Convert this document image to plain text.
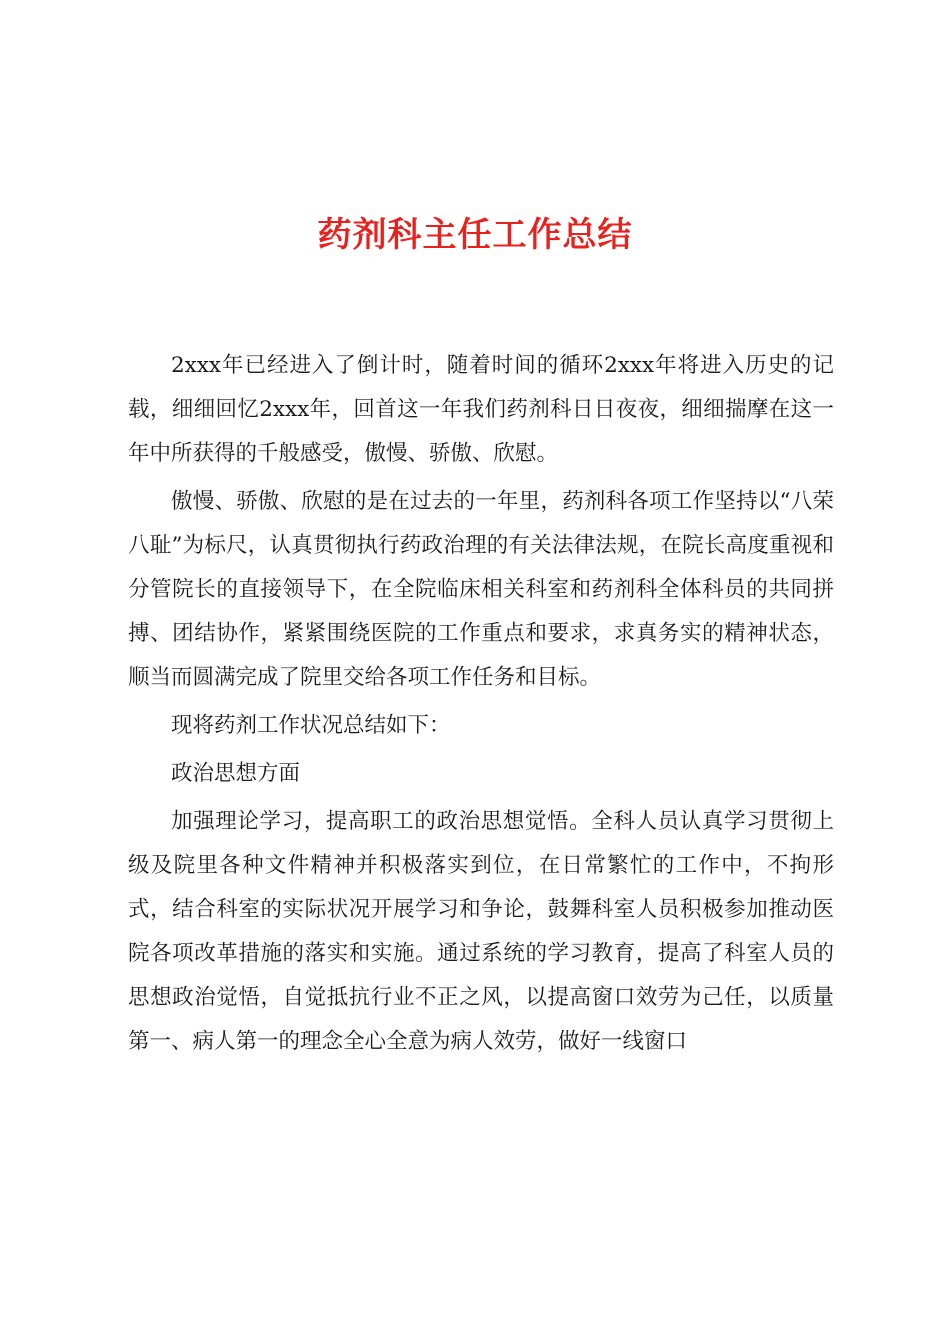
药剂科主任工作总结

2xxx年已经进入了倒计时，随着时间的循环2xxx年将进入历史的记载，细细回忆2xxx年，回首这一年我们药剂科日日夜夜，细细揣摩在这一年中所获得的千般感受，傲慢、骄傲、欣慰。

傲慢、骄傲、欣慰的是在过去的一年里，药剂科各项工作坚持以“八荣八耻”为标尺，认真贯彻执行药政治理的有关法律法规，在院长高度重视和分管院长的直接领导下，在全院临床相关科室和药剂科全体科员的共同拼搏、团结协作，紧紧围绕医院的工作重点和要求，求真务实的精神状态，顺当而圆满完成了院里交给各项工作任务和目标。

现将药剂工作状况总结如下：

政治思想方面

加强理论学习，提高职工的政治思想觉悟。全科人员认真学习贯彻上级及院里各种文件精神并积极落实到位，在日常繁忙的工作中，不拘形式，结合科室的实际状况开展学习和争论，鼓舞科室人员积极参加推动医院各项改革措施的落实和实施。通过系统的学习教育，提高了科室人员的思想政治觉悟，自觉抵抗行业不正之风，以提高窗口效劳为己任，以质量第一、病人第一的理念全心全意为病人效劳，做好一线窗口
